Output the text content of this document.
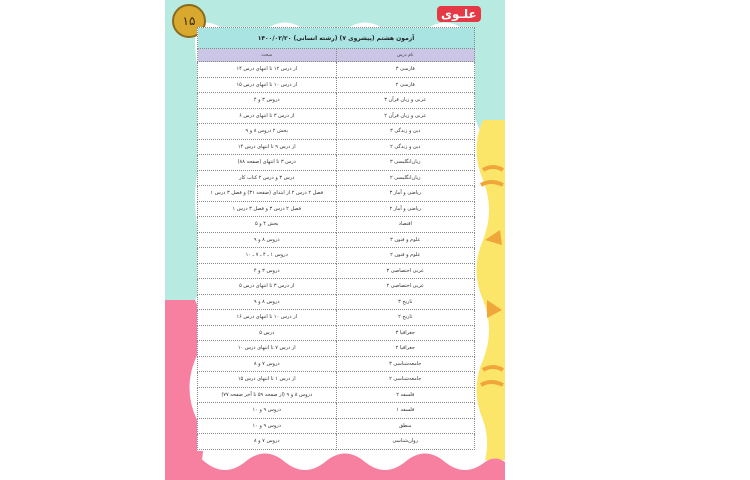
۱۵	علـوی
آزمون هشتم (پیشروی ۷) (رشته انسانی) ۱۴۰۰/۰۲/۲۰	
نام درس	مبحث
فارسی ۳	از درس ۱۲ تا انتهای درس ۱۴
فارسی ۲	از درس ۱۰ تا انتهای درس ۱۵
عربی و زبان قرآن ۳	دروس ۳ و ۴
عربی و زبان قرآن ۲	از درس ۳ تا انتهای درس ۶
دین و زندگی ۳	بخش ۲ دروس ۸ و ۹
دین و زندگی ۲	از درس ۹ تا انتهای درس ۱۴
زبان‌انگلیسی ۳	درس ۳ تا انتهای (صفحه ۸۸)
زبان‌انگلیسی ۲	درس ۳ و درس ۲ کتاب کار
ریاضی و آمار ۳	فصل ۲ درس ۲ از ابتدای (صفحه ۳۱) و فصل ۳ درس ۱
ریاضی و آمار ۲	فصل ۲ درس ۳ و فصل ۳ درس ۱
اقتصاد	بخش ۴ و ۵
علوم و فنون ۳	دروس ۸ و ۹
علوم و فنون ۲	دروس ۱ ـ ۴ ـ ۷ ـ ۱۰
عربی اختصاصی ۳	دروس ۳ و ۴
عربی اختصاصی ۲	از درس ۳ تا انتهای درس ۵
تاریخ ۳	دروس ۸ و ۹
تاریخ ۲	از درس ۱۰ تا انتهای درس ۱۶
جغرافیا ۳	درس ۵
جغرافیا ۲	از درس ۷ تا انتهای درس ۱۰
جامعه‌شناسی ۳	دروس ۷ و ۸
جامعه‌شناسی ۲	از درس ۱ تا انتهای درس ۱۵
فلسفه ۲	دروس ۸ و ۹ (از صفحه ۵۹ تا آخر صفحه ۷۷)
فلسفه ۱	دروس ۹ و ۱۰
منطق	دروس ۹ و ۱۰
روان‌شناسی	دروس ۷ و ۸
